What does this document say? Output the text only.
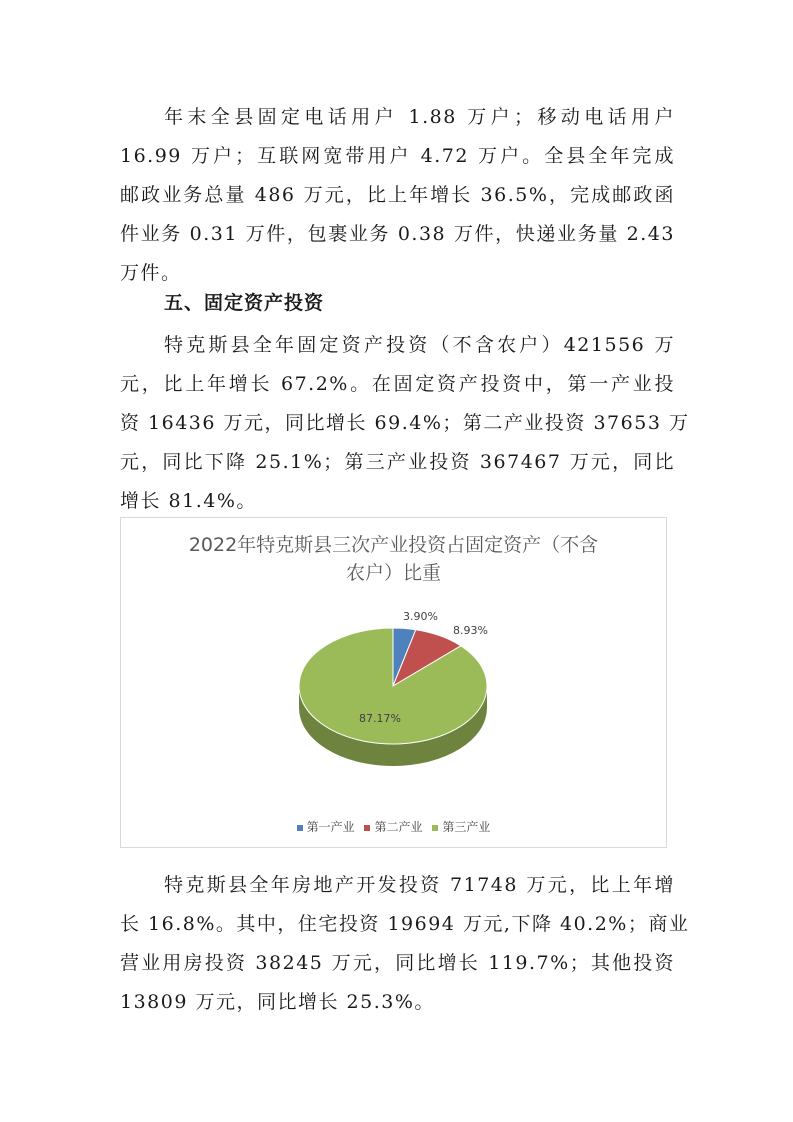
年末全县固定电话用户 1.88 万户；移动电话用户
16.99 万户；互联网宽带用户 4.72 万户。全县全年完成
邮政业务总量 486 万元，比上年增长 36.5%，完成邮政函
件业务 0.31 万件，包裹业务 0.38 万件，快递业务量 2.43
万件。
五、固定资产投资
特克斯县全年固定资产投资（不含农户）421556 万
元，比上年增长 67.2%。在固定资产投资中，第一产业投
资 16436 万元，同比增长 69.4%；第二产业投资 37653 万
元，同比下降 25.1%；第三产业投资 367467 万元，同比
增长 81.4%。
2022年特克斯县三次产业投资占固定资产（不含
农户）比重
3.90%
8.93%
87.17%
第一产业 第二产业 第三产业
特克斯县全年房地产开发投资 71748 万元，比上年增
长 16.8%。其中，住宅投资 19694 万元,下降 40.2%；商业
营业用房投资 38245 万元，同比增长 119.7%；其他投资
13809 万元，同比增长 25.3%。
